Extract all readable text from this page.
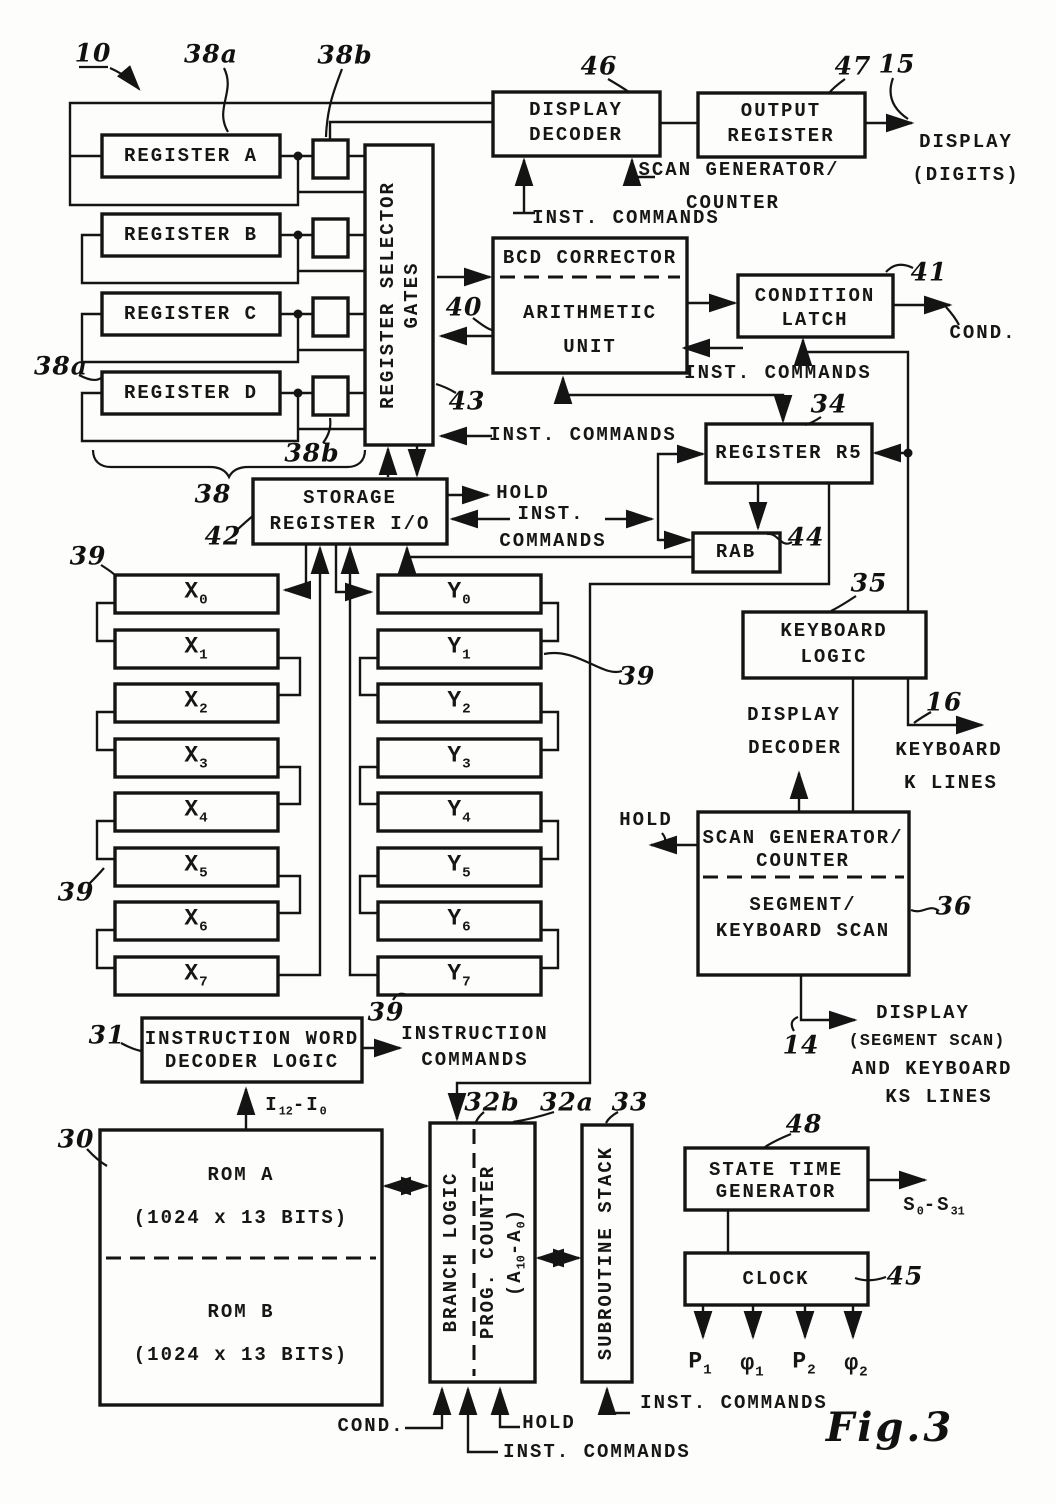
REGISTER A
REGISTER B
REGISTER C
REGISTER D	REGISTER SELECTOR GATES
DISPLAY
DECODER
OUTPUT
REGISTER
BCD CORRECTOR
ARITHMETIC
UNIT
CONDITION
LATCH
REGISTER R5
RAB
STORAGE
REGISTER I/O
$X_0$
$X_1$
$X_2$
$X_3$
$X_4$
$X_5$
$X_6$
$X_7$
$Y_0$
$Y_1$
$Y_2$
$Y_3$
$Y_4$
$Y_5$
$Y_6$
$Y_7$
KEYBOARD
LOGIC
SCAN GENERATOR/
COUNTER
SEGMENT/
KEYBOARD SCAN
INSTRUCTION WORD
DECODER LOGIC
ROM A
(1024 x 13 BITS)
ROM B
(1024 x 13 BITS)
BRANCH LOGIC PROG. COUNTER $(A_{10}-A_0)$	SUBROUTINE STACK	STATE TIME
GENERATOR
CLOCK
DISPLAY
(DIGITS)
SCAN GENERATOR/
COUNTER
INST. COMMANDS
COND.
INST. COMMANDS
INST. COMMANDS
HOLD
INST.
COMMANDS
DISPLAY
DECODER	KEYBOARD
K LINES
HOLD
DISPLAY
(SEGMENT SCAN)
AND KEYBOARD
KS LINES
INSTRUCTION
COMMANDS
$I_{12}-I_0$
COND.	HOLD
INST. COMMANDS
INST. COMMANDS
$S_0-S_{31}$
$P_1$ $\varphi_1$ $P_2$ $\varphi_2$
10	38a	38b	46	47 15
40
41
43	34
38a
38b
38
42
39
39
39
39
44
35
16
36
14
31
30
32b 32a 33
48
45
Fig.3
